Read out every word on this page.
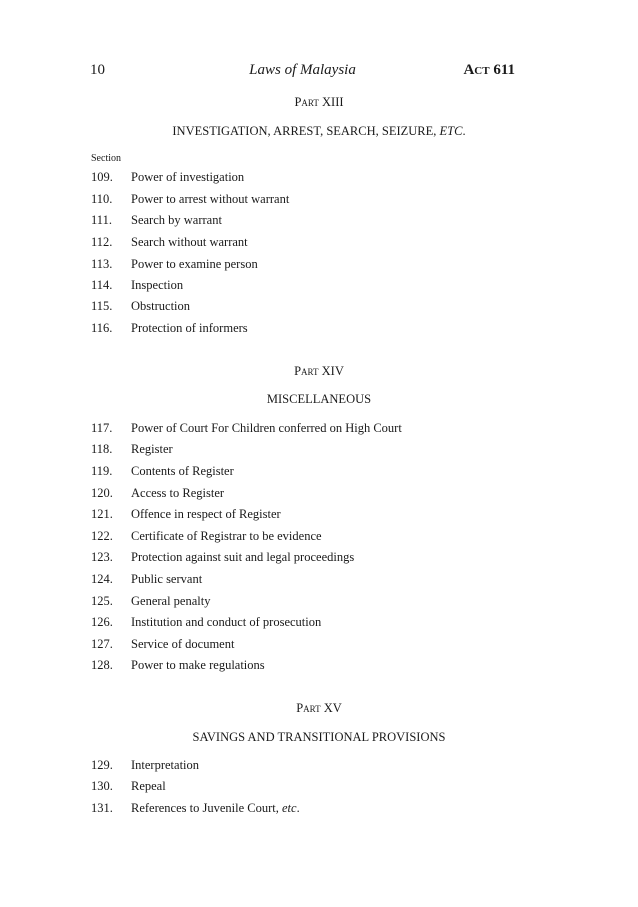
10	Laws of Malaysia	Act 611
Part XIII
INVESTIGATION, ARREST, SEARCH, SEIZURE, ETC.
Section
109. Power of investigation
110. Power to arrest without warrant
111. Search by warrant
112. Search without warrant
113. Power to examine person
114. Inspection
115. Obstruction
116. Protection of informers
Part XIV
MISCELLANEOUS
117. Power of Court For Children conferred on High Court
118. Register
119. Contents of Register
120. Access to Register
121. Offence in respect of Register
122. Certificate of Registrar to be evidence
123. Protection against suit and legal proceedings
124. Public servant
125. General penalty
126. Institution and conduct of prosecution
127. Service of document
128. Power to make regulations
Part XV
SAVINGS AND TRANSITIONAL PROVISIONS
129. Interpretation
130. Repeal
131. References to Juvenile Court, etc.
